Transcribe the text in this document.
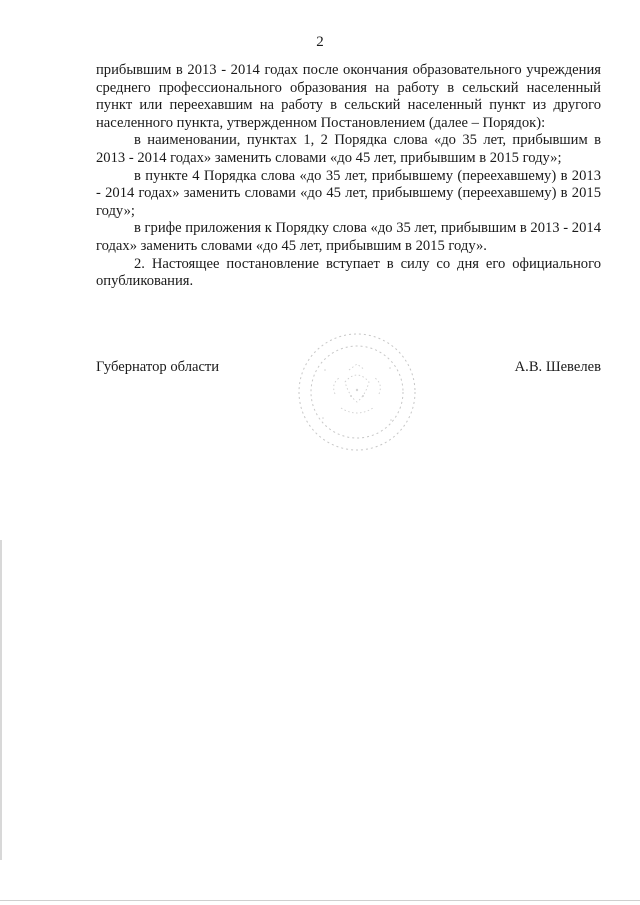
2

прибывшим в 2013 - 2014 годах после окончания образовательного учреждения среднего профессионального образования на работу в сельский населенный пункт или переехавшим на работу в сельский населенный пункт из другого населенного пункта, утвержденном Постановлением (далее – Порядок):

в наименовании, пунктах 1, 2 Порядка слова «до 35 лет, прибывшим в 2013 - 2014 годах» заменить словами «до 45 лет, прибывшим в 2015 году»;

в пункте 4 Порядка слова «до 35 лет, прибывшему (переехавшему) в 2013 - 2014 годах» заменить словами «до 45 лет, прибывшему (переехавшему) в 2015 году»;

в грифе приложения к Порядку слова «до 35 лет, прибывшим в 2013 - 2014 годах» заменить словами «до 45 лет, прибывшим в 2015 году».

2. Настоящее постановление вступает в силу со дня его официального опубликования.

Губернатор области	А.В. Шевелев
